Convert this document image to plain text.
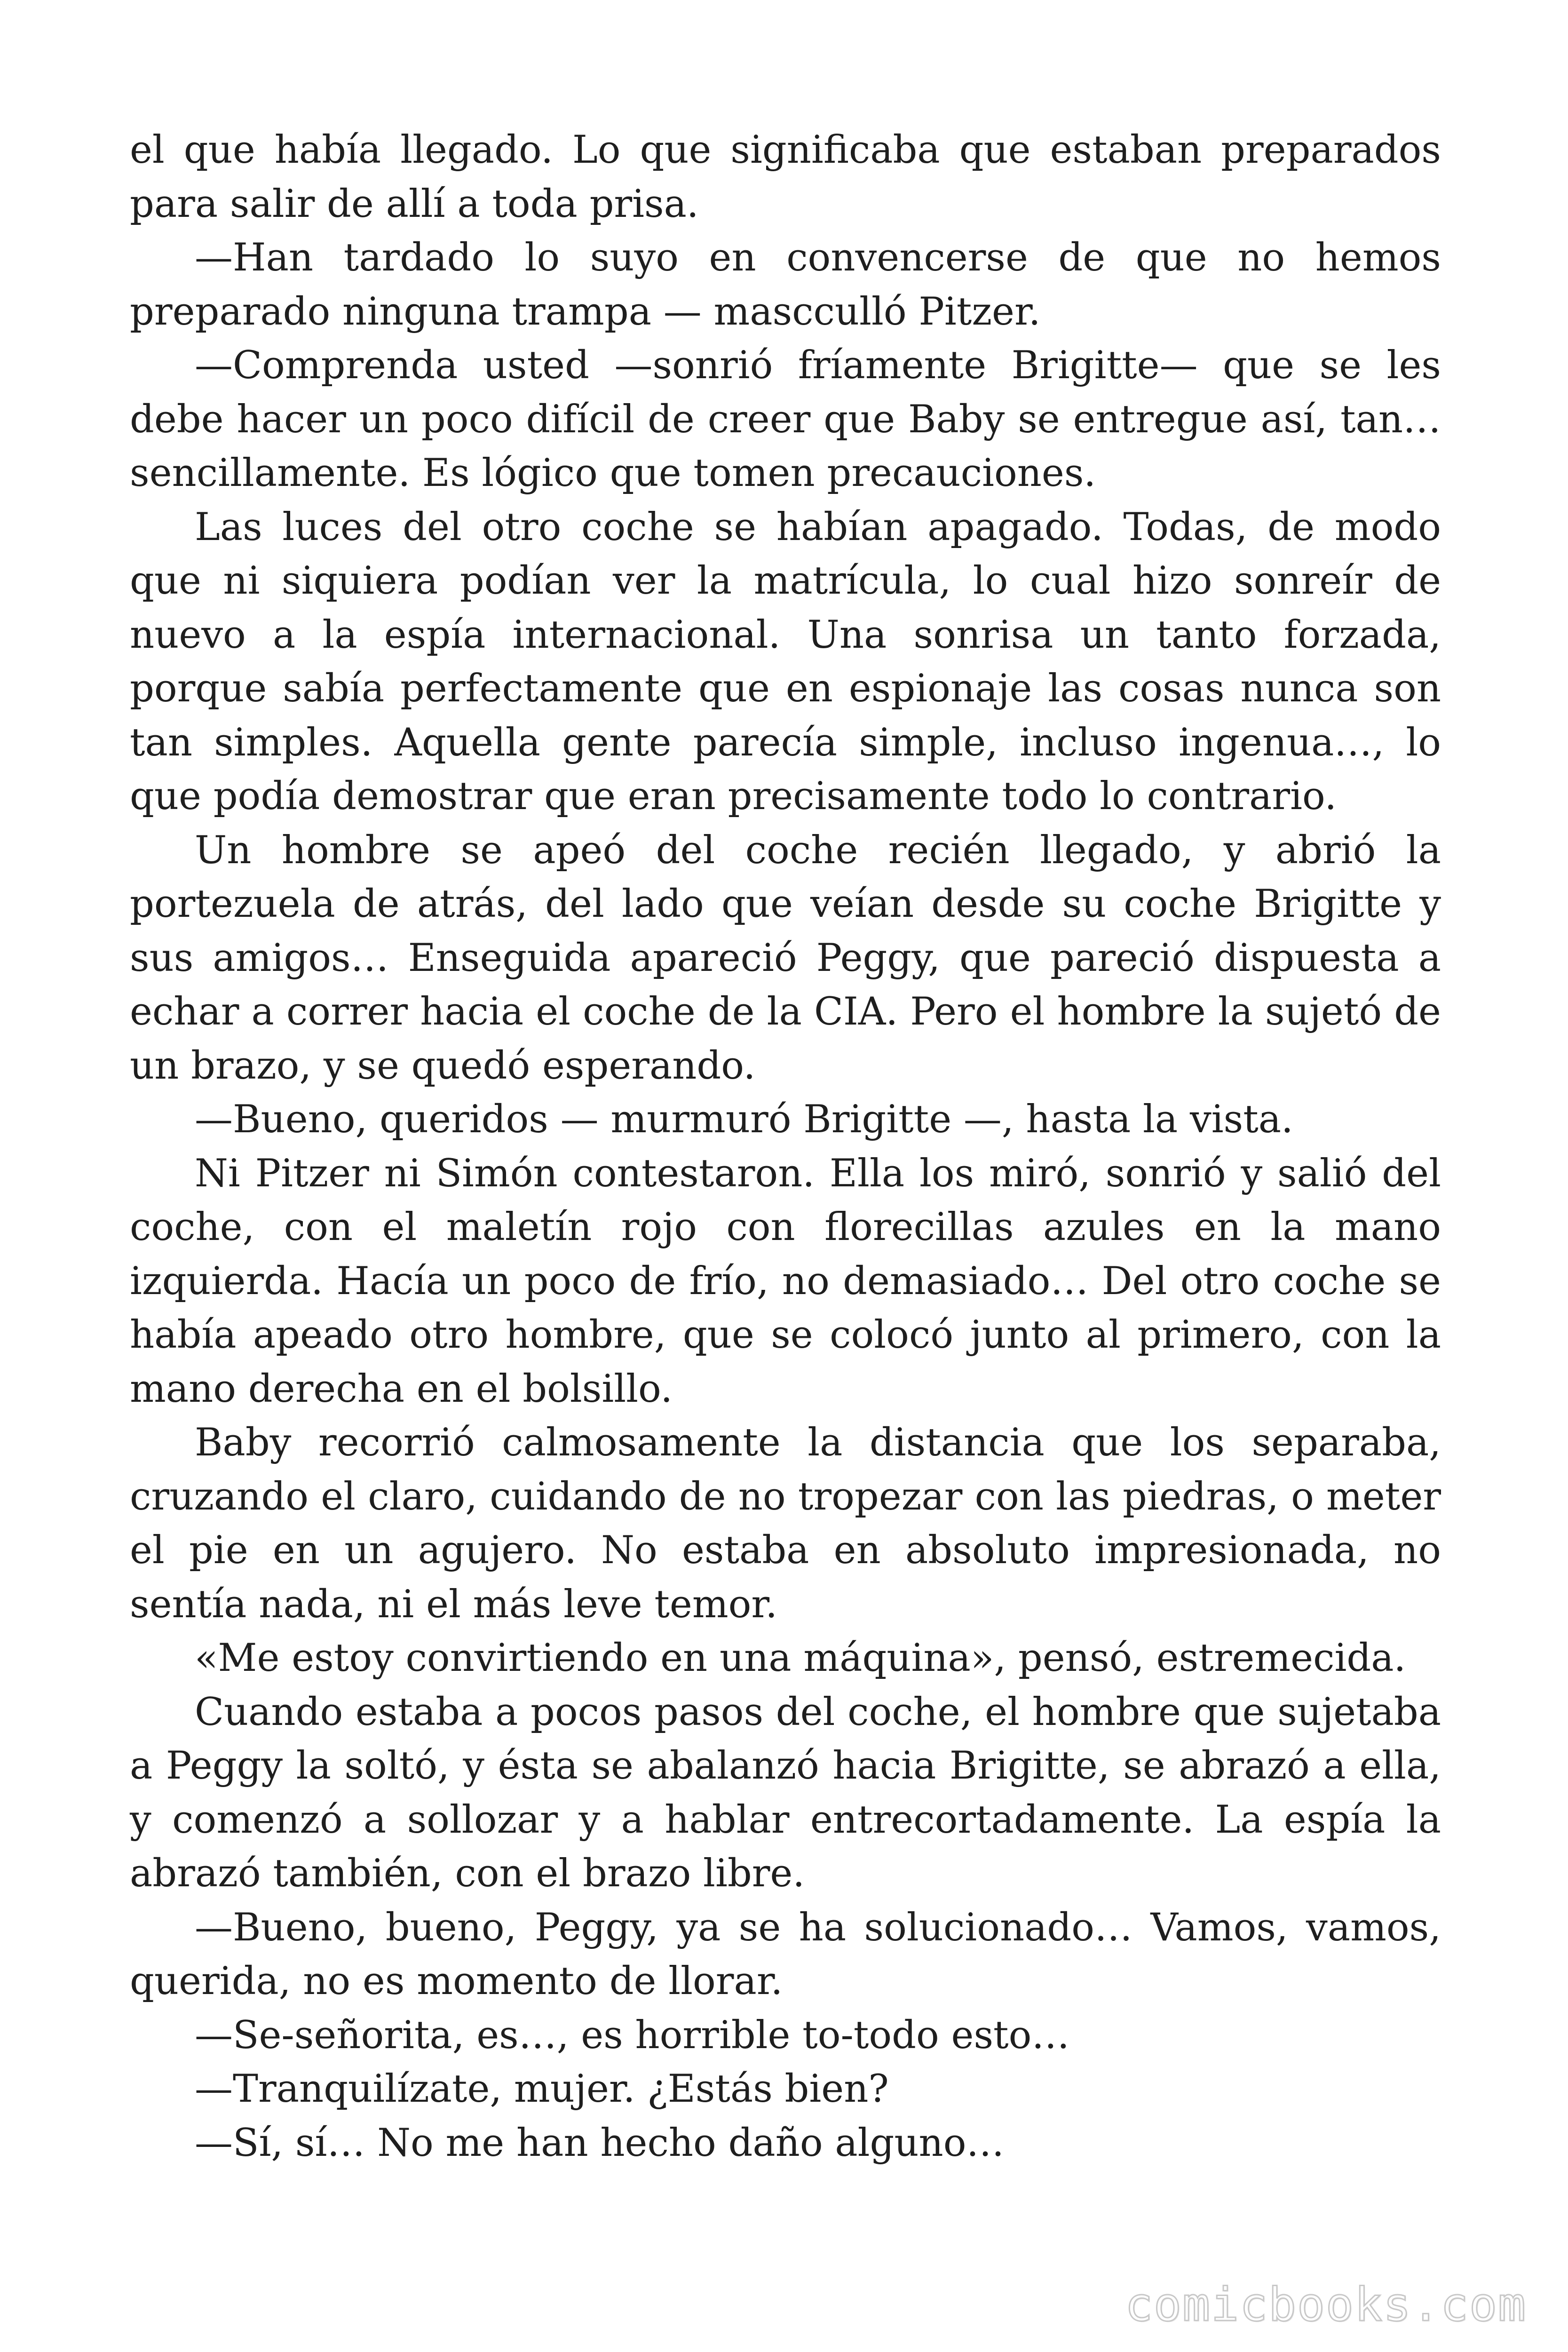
el que había llegado. Lo que significaba que estaban preparados para salir de allí a toda prisa.

—Han tardado lo suyo en convencerse de que no hemos preparado ninguna trampa — mascculló Pitzer.

—Comprenda usted —sonrió fríamente Brigitte— que se les debe hacer un poco difícil de creer que Baby se entregue así, tan… sencillamente. Es lógico que tomen precauciones.

Las luces del otro coche se habían apagado. Todas, de modo que ni siquiera podían ver la matrícula, lo cual hizo sonreír de nuevo a la espía internacional. Una sonrisa un tanto forzada, porque sabía perfectamente que en espionaje las cosas nunca son tan simples. Aquella gente parecía simple, incluso ingenua…, lo que podía demostrar que eran precisamente todo lo contrario.

Un hombre se apeó del coche recién llegado, y abrió la portezuela de atrás, del lado que veían desde su coche Brigitte y sus amigos… Enseguida apareció Peggy, que pareció dispuesta a echar a correr hacia el coche de la CIA. Pero el hombre la sujetó de un brazo, y se quedó esperando.

—Bueno, queridos — murmuró Brigitte —, hasta la vista.

Ni Pitzer ni Simón contestaron. Ella los miró, sonrió y salió del coche, con el maletín rojo con florecillas azules en la mano izquierda. Hacía un poco de frío, no demasiado… Del otro coche se había apeado otro hombre, que se colocó junto al primero, con la mano derecha en el bolsillo.

Baby recorrió calmosamente la distancia que los separaba, cruzando el claro, cuidando de no tropezar con las piedras, o meter el pie en un agujero. No estaba en absoluto impresionada, no sentía nada, ni el más leve temor.

«Me estoy convirtiendo en una máquina», pensó, estremecida.

Cuando estaba a pocos pasos del coche, el hombre que sujetaba a Peggy la soltó, y ésta se abalanzó hacia Brigitte, se abrazó a ella, y comenzó a sollozar y a hablar entrecortadamente. La espía la abrazó también, con el brazo libre.

—Bueno, bueno, Peggy, ya se ha solucionado… Vamos, vamos, querida, no es momento de llorar.

—Se-señorita, es…, es horrible to-todo esto…

—Tranquilízate, mujer. ¿Estás bien?

—Sí, sí… No me han hecho daño alguno…

comicbooks.com
